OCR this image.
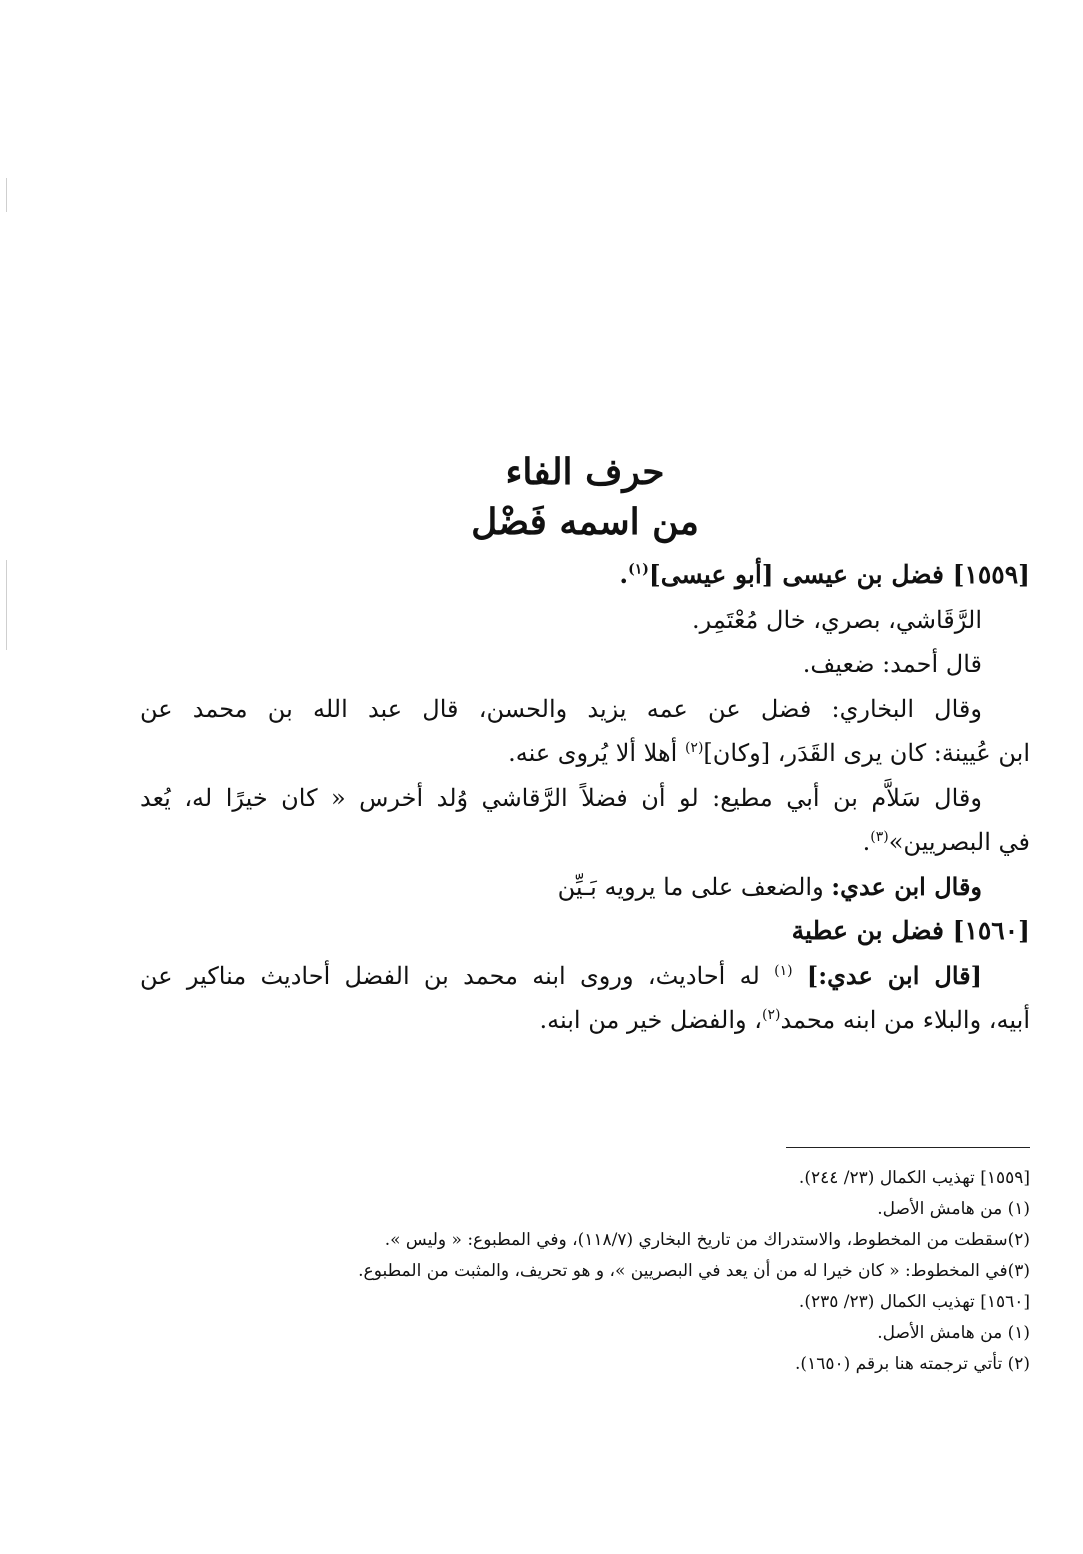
حرف الفاء
من اسمه فَضْل
[١٥٥٩] فضل بن عيسى [أبو عيسى]$^{(١)}$.
الرَّقَاشي، بصري، خال مُعْتَمِر.
قال أحمد: ضعيف.
وقال البخاري: فضل عن عمه يزيد والحسن، قال عبد الله بن محمد عن
ابن عُيينة: كان يرى القَدَر، [وكان]$^{(٢)}$ أهلا ألا يُروى عنه.
وقال سَلاَّم بن أبي مطيع: لو أن فضلاً الرَّقاشي وُلد أخرس « كان خيرًا له، يُعد
في البصريين»$^{(٣)}$.
وقال ابن عدي: والضعف على ما يرويه بَـيِّن
[١٥٦٠] فضل بن عطية
[قال ابن عدي:] $^{(١)}$ له أحاديث، وروى ابنه محمد بن الفضل أحاديث مناكير عن
أبيه، والبلاء من ابنه محمد$^{(٢)}$، والفضل خير من ابنه.

[١٥٥٩] تهذيب الكمال (٢٣/ ٢٤٤).

(١) من هامش الأصل.

(٢)سقطت من المخطوط، والاستدراك من تاريخ البخاري (١١٨/٧)، وفي المطبوع: « وليس ».

(٣)في المخطوط: « كان خيرا له من أن يعد في البصريين »، و هو تحريف، والمثبت من المطبوع.

[١٥٦٠] تهذيب الكمال (٢٣/ ٢٣٥).

(١) من هامش الأصل.

(٢) تأتي ترجمته هنا برقم (١٦٥٠).
